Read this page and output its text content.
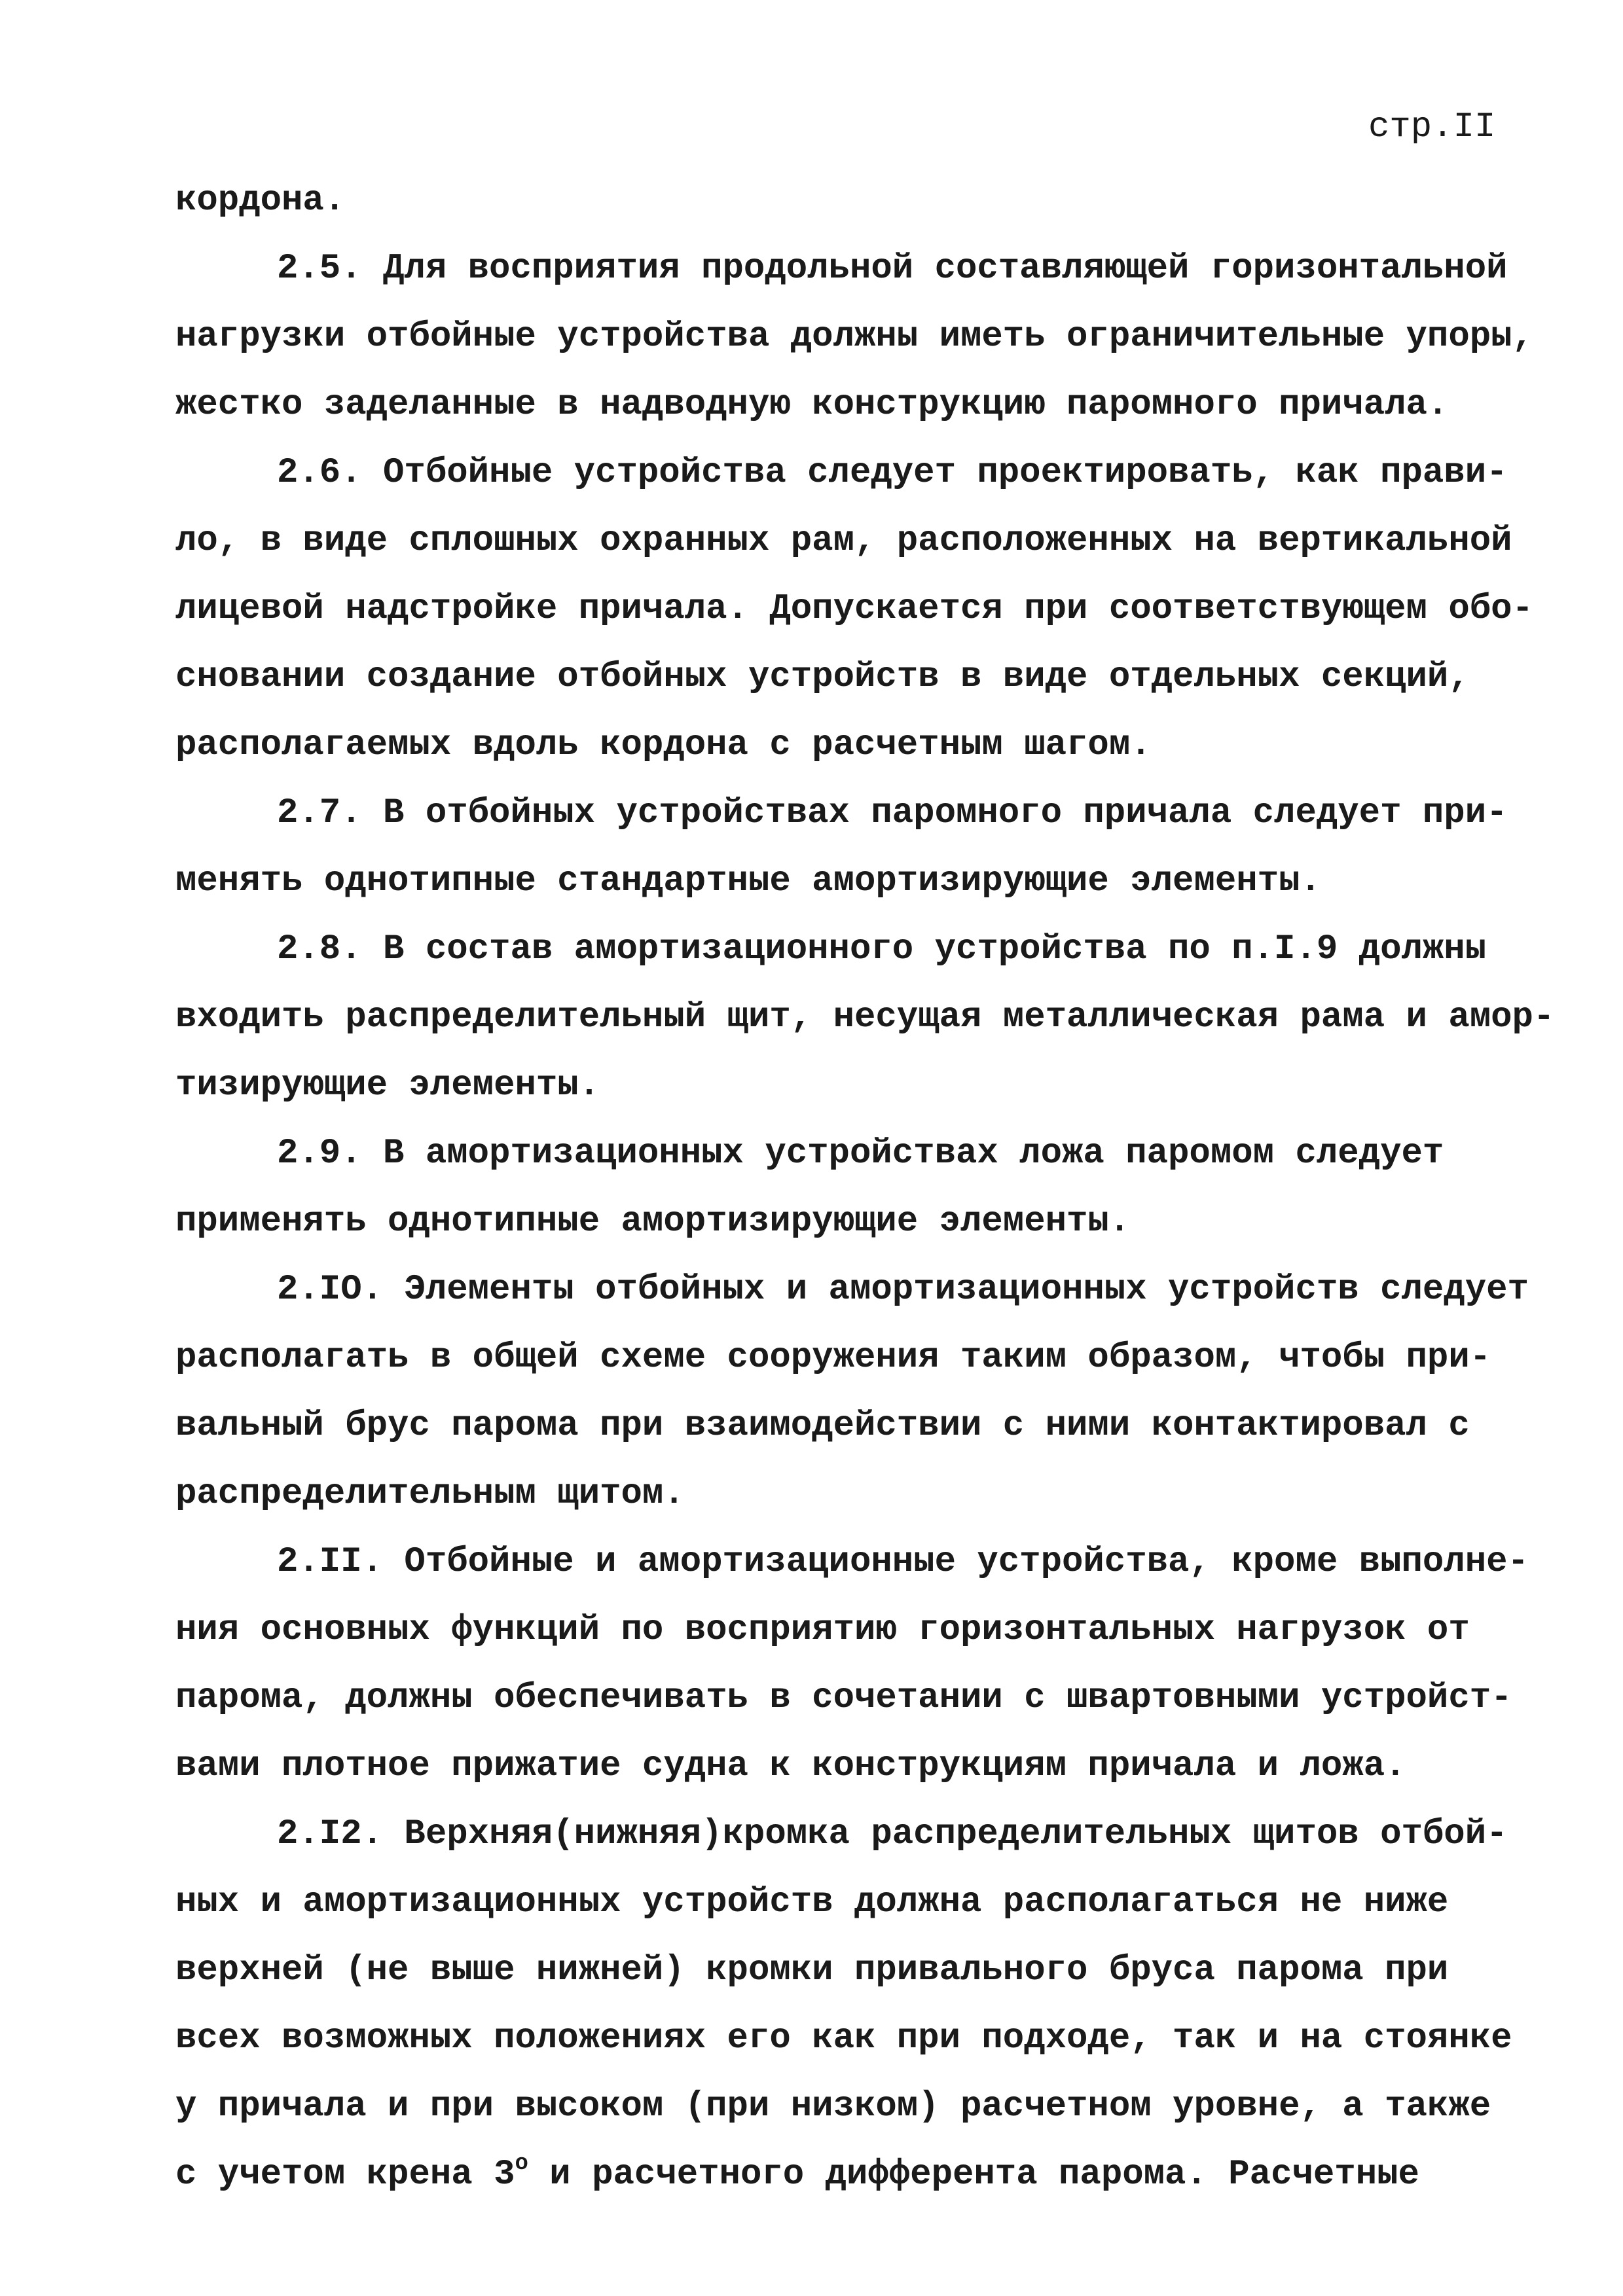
стр.II
кордона.
2.5. Для восприятия продольной составляющей горизонтальной
нагрузки отбойные устройства должны иметь ограничительные упоры,
жестко заделанные в надводную конструкцию паромного причала.
2.6. Отбойные устройства следует проектировать, как прави-
ло, в виде сплошных охранных рам, расположенных на вертикальной
лицевой надстройке причала. Допускается при соответствующем обо-
сновании создание отбойных устройств в виде отдельных секций,
располагаемых вдоль кордона с расчетным шагом.
2.7. В отбойных устройствах паромного причала следует при-
менять однотипные стандартные амортизирующие элементы.
2.8. В состав амортизационного устройства по п.I.9 должны
входить распределительный щит, несущая металлическая рама и амор-
тизирующие элементы.
2.9. В амортизационных устройствах ложа паромом следует
применять однотипные амортизирующие элементы.
2.IO. Элементы отбойных и амортизационных устройств следует
располагать в общей схеме сооружения таким образом, чтобы при-
вальный брус парома при взаимодействии с ними контактировал с
распределительным щитом.
2.II. Отбойные и амортизационные устройства, кроме выполне-
ния основных функций по восприятию горизонтальных нагрузок от
парома, должны обеспечивать в сочетании с швартовными устройст-
вами плотное прижатие судна к конструкциям причала и ложа.
2.I2. Верхняя(нижняя)кромка распределительных щитов отбой-
ных и амортизационных устройств должна располагаться не ниже
верхней (не выше нижней) кромки привального бруса парома при
всех возможных положениях его как при подходе, так и на стоянке
у причала и при высоком (при низком) расчетном уровне, а также
с учетом крена $3^о$ и расчетного дифферента парома. Расчетные
